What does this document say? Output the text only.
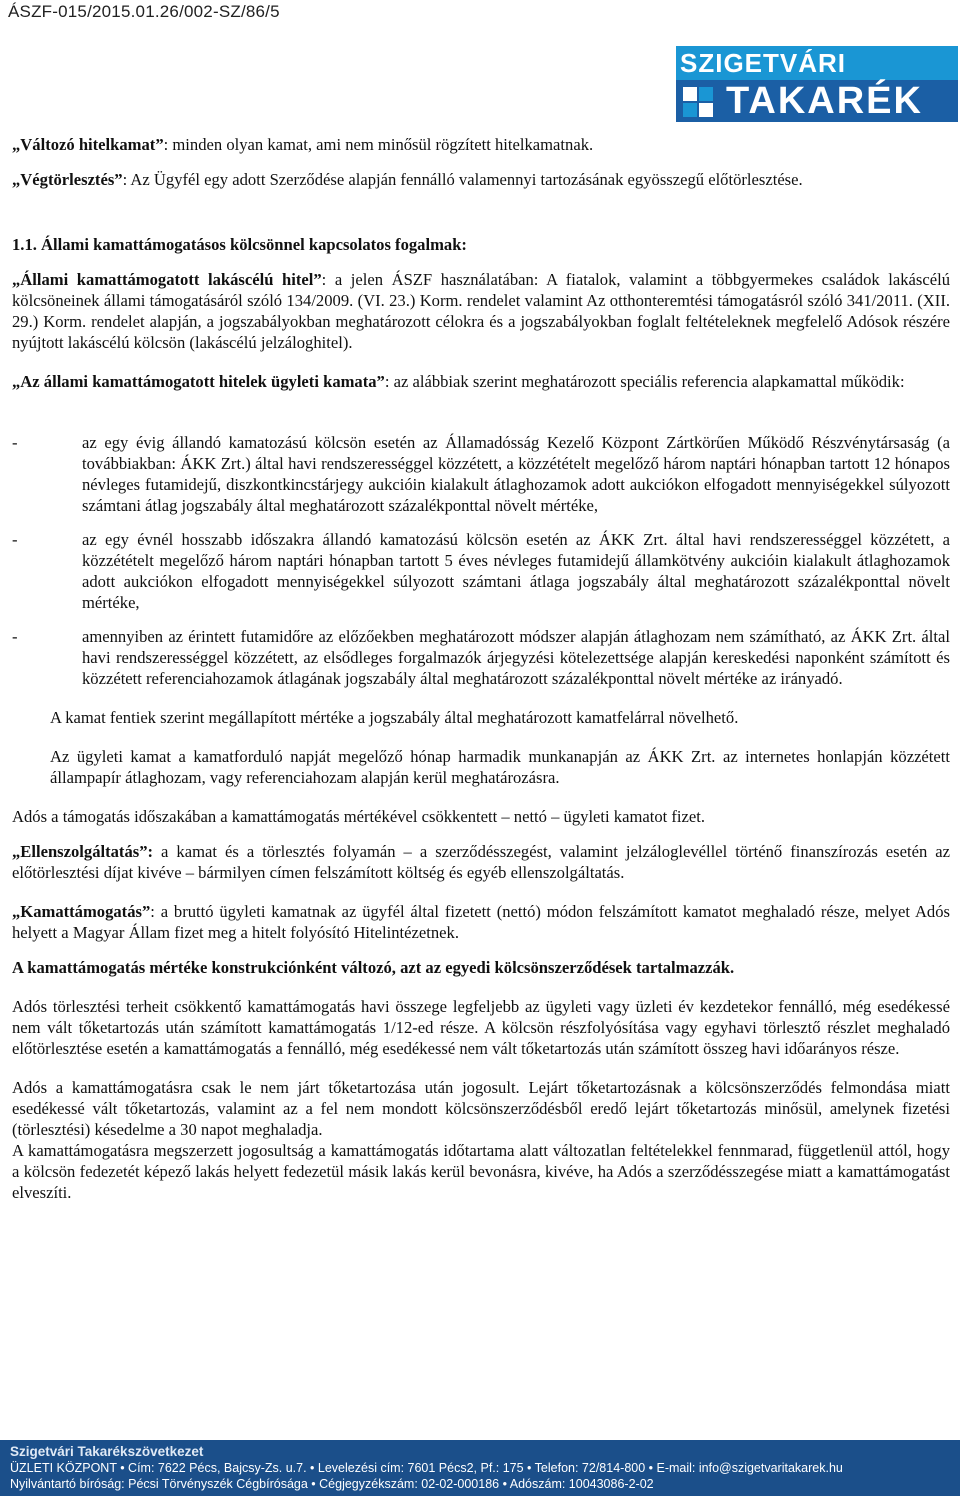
ÁSZF-015/2015.01.26/002-SZ/86/5
SZIGETVÁRI
TAKARÉK

„Változó hitelkamat”: minden olyan kamat, ami nem minősül rögzített hitelkamatnak.

„Végtörlesztés”: Az Ügyfél egy adott Szerződése alapján fennálló valamennyi tartozásának egyösszegű előtörlesztése.

1.1. Állami kamattámogatásos kölcsönnel kapcsolatos fogalmak:

„Állami kamattámogatott lakáscélú hitel”: a jelen ÁSZF használatában: A fiatalok, valamint a többgyermekes családok lakáscélú kölcsöneinek állami támogatásáról szóló 134/2009. (VI. 23.) Korm. rendelet valamint Az otthonteremtési támogatásról szóló 341/2011. (XII. 29.) Korm. rendelet alapján, a jogszabályokban meghatározott célokra és a jogszabályokban foglalt feltételeknek megfelelő Adósok részére nyújtott lakáscélú kölcsön (lakáscélú jelzáloghitel).

„Az állami kamattámogatott hitelek ügyleti kamata”: az alábbiak szerint meghatározott speciális referencia alapkamattal működik:

-	az egy évig állandó kamatozású kölcsön esetén az Államadósság Kezelő Központ Zártkörűen Működő Részvénytársaság (a továbbiakban: ÁKK Zrt.) által havi rendszerességgel közzétett, a közzétételt megelőző három naptári hónapban tartott 12 hónapos névleges futamidejű, diszkontkincstárjegy aukcióin kialakult átlaghozamok adott aukciókon elfogadott mennyiségekkel súlyozott számtani átlag jogszabály által meghatározott százalékponttal növelt mértéke,
-	az egy évnél hosszabb időszakra állandó kamatozású kölcsön esetén az ÁKK Zrt. által havi rendszerességgel közzétett, a közzétételt megelőző három naptári hónapban tartott 5 éves névleges futamidejű államkötvény aukcióin kialakult átlaghozamok adott aukciókon elfogadott mennyiségekkel súlyozott számtani átlaga jogszabály által meghatározott százalékponttal növelt mértéke,
-	amennyiben az érintett futamidőre az előzőekben meghatározott módszer alapján átlaghozam nem számítható, az ÁKK Zrt. által havi rendszerességgel közzétett, az elsődleges forgalmazók árjegyzési kötelezettsége alapján kereskedési naponként számított és közzétett referenciahozamok átlagának jogszabály által meghatározott százalékponttal növelt mértéke az irányadó.

A kamat fentiek szerint megállapított mértéke a jogszabály által meghatározott kamatfelárral növelhető.

Az ügyleti kamat a kamatforduló napját megelőző hónap harmadik munkanapján az ÁKK Zrt. az internetes honlapján közzétett állampapír átlaghozam, vagy referenciahozam alapján kerül meghatározásra.

Adós a támogatás időszakában a kamattámogatás mértékével csökkentett – nettó – ügyleti kamatot fizet.

„Ellenszolgáltatás”: a kamat és a törlesztés folyamán – a szerződésszegést, valamint jelzáloglevéllel történő finanszírozás esetén az előtörlesztési díjat kivéve – bármilyen címen felszámított költség és egyéb ellenszolgáltatás.

„Kamattámogatás”: a bruttó ügyleti kamatnak az ügyfél által fizetett (nettó) módon felszámított kamatot meghaladó része, melyet Adós helyett a Magyar Állam fizet meg a hitelt folyósító Hitelintézetnek.

A kamattámogatás mértéke konstrukciónként változó, azt az egyedi kölcsönszerződések tartalmazzák.

Adós törlesztési terheit csökkentő kamattámogatás havi összege legfeljebb az ügyleti vagy üzleti év kezdetekor fennálló, még esedékessé nem vált tőketartozás után számított kamattámogatás 1/12-ed része. A kölcsön részfolyósítása vagy egyhavi törlesztő részlet meghaladó előtörlesztése esetén a kamattámogatás a fennálló, még esedékessé nem vált tőketartozás után számított összeg havi időarányos része.

Adós a kamattámogatásra csak le nem járt tőketartozása után jogosult. Lejárt tőketartozásnak a kölcsönszerződés felmondása miatt esedékessé vált tőketartozás, valamint az a fel nem mondott kölcsönszerződésből eredő lejárt tőketartozás minősül, amelynek fizetési (törlesztési) késedelme a 30 napot meghaladja.

A kamattámogatásra megszerzett jogosultság a kamattámogatás időtartama alatt változatlan feltételekkel fennmarad, függetlenül attól, hogy a kölcsön fedezetét képező lakás helyett fedezetül másik lakás kerül bevonásra, kivéve, ha Adós a szerződésszegése miatt a kamattámogatást elveszíti.

Szigetvári Takarékszövetkezet
ÜZLETI KÖZPONT • Cím: 7622 Pécs, Bajcsy-Zs. u.7. • Levelezési cím: 7601 Pécs2, Pf.: 175 • Telefon: 72/814-800 • E-mail: info@szigetvaritakarek.hu
Nyilvántartó bíróság: Pécsi Törvényszék Cégbírósága • Cégjegyzékszám: 02-02-000186 • Adószám: 10043086-2-02
